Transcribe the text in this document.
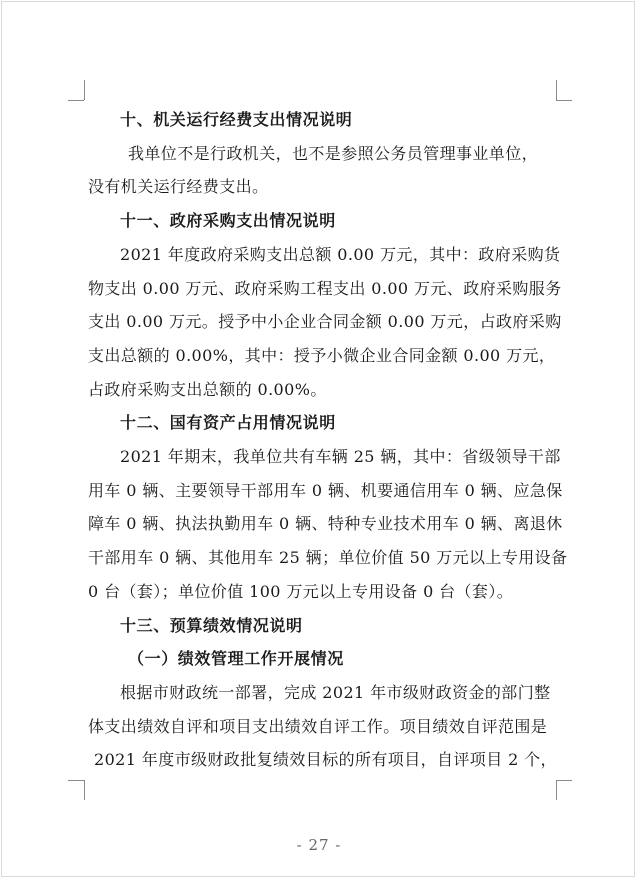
十、机关运行经费支出情况说明
我单位不是行政机关，也不是参照公务员管理事业单位，
没有机关运行经费支出。
十一、政府采购支出情况说明
2021 年度政府采购支出总额 0.00 万元，其中：政府采购货
物支出 0.00 万元、政府采购工程支出 0.00 万元、政府采购服务
支出 0.00 万元。授予中小企业合同金额 0.00 万元，占政府采购
支出总额的 0.00%，其中：授予小微企业合同金额 0.00 万元，
占政府采购支出总额的 0.00%。
十二、国有资产占用情况说明
2021 年期末，我单位共有车辆 25 辆，其中：省级领导干部
用车 0 辆、主要领导干部用车 0 辆、机要通信用车 0 辆、应急保
障车 0 辆、执法执勤用车 0 辆、特种专业技术用车 0 辆、离退休
干部用车 0 辆、其他用车 25 辆；单位价值 50 万元以上专用设备
0 台（套）；单位价值 100 万元以上专用设备 0 台（套）。
十三、预算绩效情况说明
（一）绩效管理工作开展情况
根据市财政统一部署，完成 2021 年市级财政资金的部门整
体支出绩效自评和项目支出绩效自评工作。项目绩效自评范围是
2021 年度市级财政批复绩效目标的所有项目，自评项目 2 个，
- 27 -
